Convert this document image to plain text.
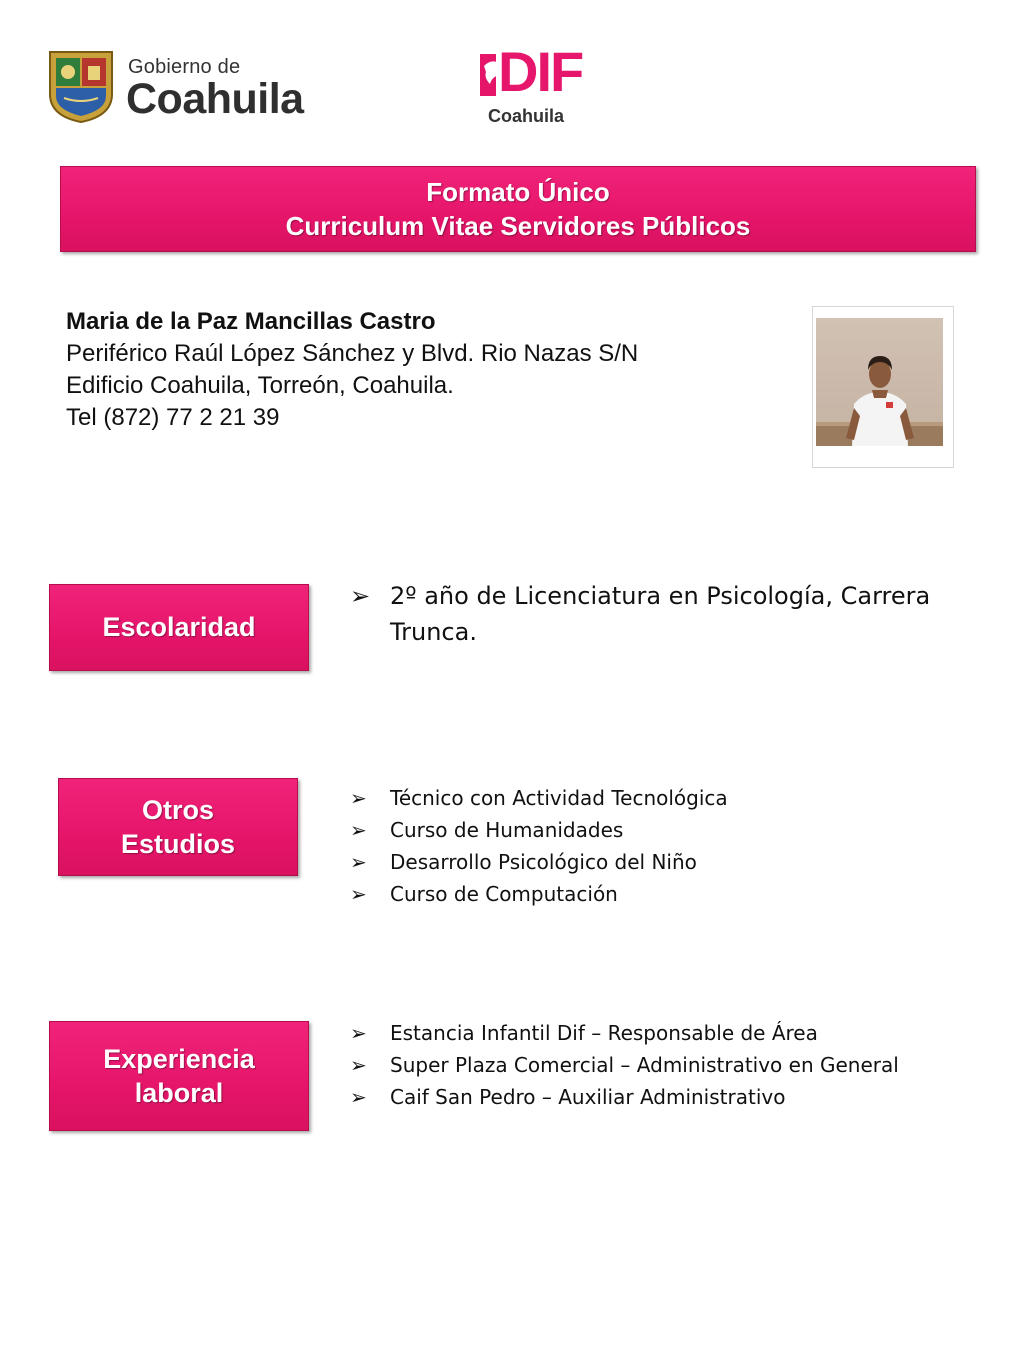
Gobierno de
Coahuila	DIF
Coahuila
Formato Único
Curriculum Vitae Servidores Públicos
Maria de la Paz Mancillas Castro
Periférico Raúl López Sánchez y Blvd. Rio Nazas S/N
Edificio Coahuila, Torreón, Coahuila.
Tel (872) 77 2 21 39
Escolaridad
➢ 2º año de Licenciatura en Psicología, Carrera Trunca.
Otros
Estudios
➢ Técnico con Actividad Tecnológica
➢ Curso de Humanidades
➢ Desarrollo Psicológico del Niño
➢ Curso de Computación
Experiencia
laboral
➢ Estancia Infantil Dif – Responsable de Área
➢ Super Plaza Comercial – Administrativo en General
➢ Caif San Pedro – Auxiliar Administrativo
